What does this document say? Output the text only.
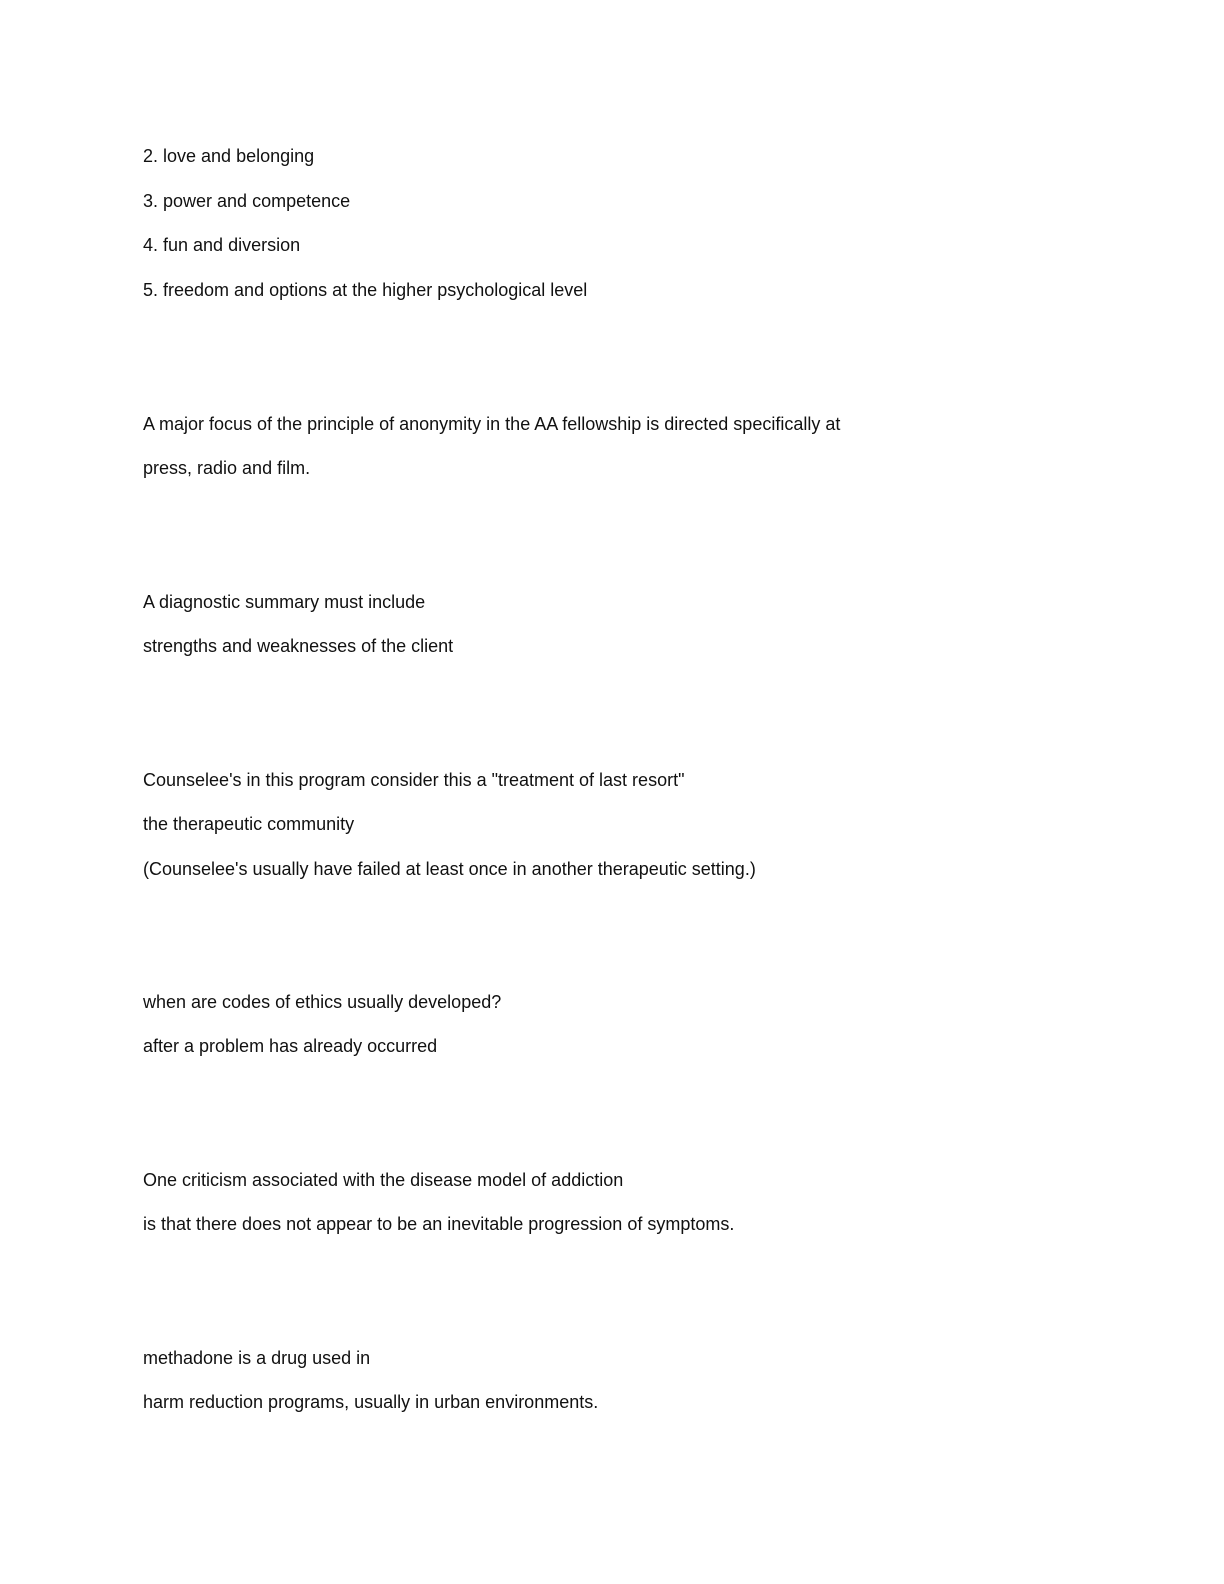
2. love and belonging

3. power and competence

4. fun and diversion

5. freedom and options at the higher psychological level

A major focus of the principle of anonymity in the AA fellowship is directed specifically at

press, radio and film.

A diagnostic summary must include

strengths and weaknesses of the client

Counselee's in this program consider this a "treatment of last resort"

the therapeutic community

(Counselee's usually have failed at least once in another therapeutic setting.)

when are codes of ethics usually developed?

after a problem has already occurred

One criticism associated with the disease model of addiction

is that there does not appear to be an inevitable progression of symptoms.

methadone is a drug used in

harm reduction programs, usually in urban environments.
